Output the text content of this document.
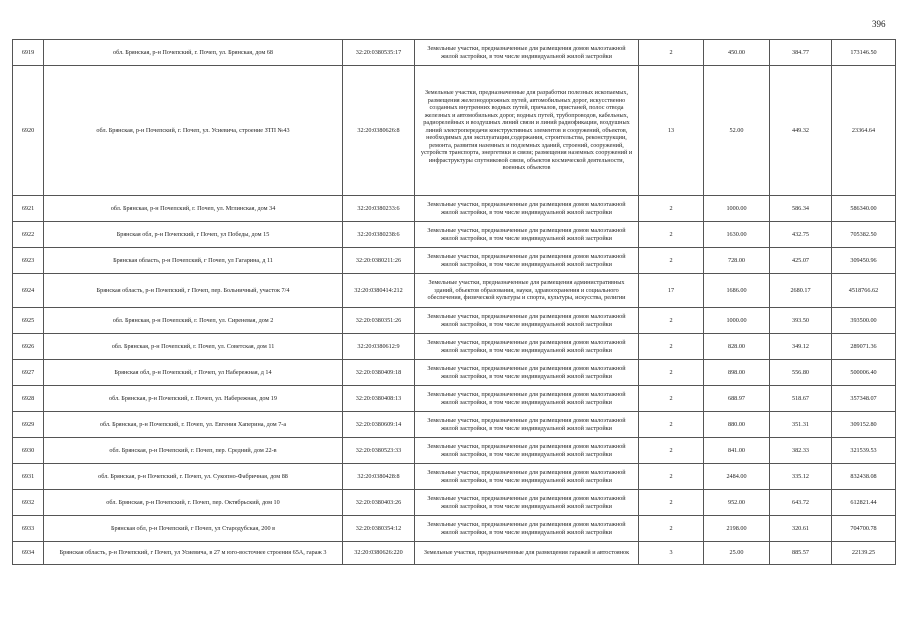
396
6919	обл. Брянская, р-н Почепский, г. Почеп, ул. Брянская, дом 68	32:20:0380535:17	Земельные участки, предназначенные для размещения домов малоэтажной жилой застройки, в том числе индивидуальной жилой застройки	2	450.00	384.77	173146.50
6920	обл. Брянская, р-н Почепский, г. Почеп, ул. Усиевича, строение ЗТП №43	32:20:0380626:8	Земельные участки, предназначенные для разработки полезных ископаемых, размещения железнодорожных путей, автомобильных дорог, искусственно созданных внутренних водных путей, причалов, пристаней, полос отвода железных и автомобильных дорог, водных путей, трубопроводов, кабельных, радиорелейных и воздушных линий связи и линий радиофикации, воздушных линий электропередачи конструктивных элементов и сооружений, объектов, необходимых для эксплуатации,содержания, строительства, реконструкции, ремонта, развития наземных и подземных зданий, строений, сооружений, устройств транспорта, энергетики и связи; размещения наземных сооружений и инфраструктуры спутниковой связи, объектов космической деятельности, военных объектов	13	52.00	449.32	23364.64
6921	обл. Брянская, р-н Почепский, г. Почеп, ул. Мглинская, дом 34	32:20:0380233:6	Земельные участки, предназначенные для размещения домов малоэтажной жилой застройки, в том числе индивидуальной жилой застройки	2	1000.00	586.34	586340.00
6922	Брянская обл, р-н Почепский, г Почеп, ул Победы, дом 15	32:20:0380238:6	Земельные участки, предназначенные для размещения домов малоэтажной жилой застройки, в том числе индивидуальной жилой застройки	2	1630.00	432.75	705382.50
6923	Брянская область, р-н Почепский, г Почеп, ул Гагарина, д 11	32:20:0380211:26	Земельные участки, предназначенные для размещения домов малоэтажной жилой застройки, в том числе индивидуальной жилой застройки	2	728.00	425.07	309450.96
6924	Брянская область, р-н Почепский, г Почеп, пер. Больничный, участок 7/4	32:20:0380414:212	Земельные участки, предназначенные для размещения административных зданий, объектов образования, науки, здравоохранения и социального обеспечения, физической культуры и спорта, культуры, искусства, религии	17	1686.00	2680.17	4518766.62
6925	обл. Брянская, р-н Почепский, г. Почеп, ул. Сиреневая, дом 2	32:20:0380351:26	Земельные участки, предназначенные для размещения домов малоэтажной жилой застройки, в том числе индивидуальной жилой застройки	2	1000.00	393.50	393500.00
6926	обл. Брянская, р-н Почепский, г. Почеп, ул. Советская, дом 11	32:20:0380612:9	Земельные участки, предназначенные для размещения домов малоэтажной жилой застройки, в том числе индивидуальной жилой застройки	2	828.00	349.12	289071.36
6927	Брянская обл, р-н Почепский, г Почеп, ул Набережная, д 14	32:20:0380409:18	Земельные участки, предназначенные для размещения домов малоэтажной жилой застройки, в том числе индивидуальной жилой застройки	2	898.00	556.80	500006.40
6928	обл. Брянская, р-н Почепский, г. Почеп, ул. Набережная, дом 19	32:20:0380408:13	Земельные участки, предназначенные для размещения домов малоэтажной жилой застройки, в том числе индивидуальной жилой застройки	2	688.97	518.67	357348.07
6929	обл. Брянская, р-н Почепский, г. Почеп, ул. Евгения Хаперина, дом 7-а	32:20:0380609:14	Земельные участки, предназначенные для размещения домов малоэтажной жилой застройки, в том числе индивидуальной жилой застройки	2	880.00	351.31	309152.80
6930	обл. Брянская, р-н Почепский, г. Почеп, пер. Средний, дом 22-в	32:20:0380523:33	Земельные участки, предназначенные для размещения домов малоэтажной жилой застройки, в том числе индивидуальной жилой застройки	2	841.00	382.33	321539.53
6931	обл. Брянская, р-н Почепский, г. Почеп, ул. Сукопно-Фабричная, дом 88	32:20:0380428:8	Земельные участки, предназначенные для размещения домов малоэтажной жилой застройки, в том числе индивидуальной жилой застройки	2	2484.00	335.12	832438.08
6932	обл. Брянская, р-н Почепский, г. Почеп, пер. Октябрьский, дом 10	32:20:0380403:26	Земельные участки, предназначенные для размещения домов малоэтажной жилой застройки, в том числе индивидуальной жилой застройки	2	952.00	643.72	612821.44
6933	Брянская обл, р-н Почепский, г Почеп, ул Стародубская, 200 в	32:20:0380354:12	Земельные участки, предназначенные для размещения домов малоэтажной жилой застройки, в том числе индивидуальной жилой застройки	2	2198.00	320.61	704700.78
6934	Брянская область, р-н Почепский, г Почеп, ул Усиевича, в 27 м юго-восточнее строения 65А, гараж 3	32:20:0380626:220	Земельные участки, предназначенные для размещения гаражей и автостоянок	3	25.00	885.57	22139.25
